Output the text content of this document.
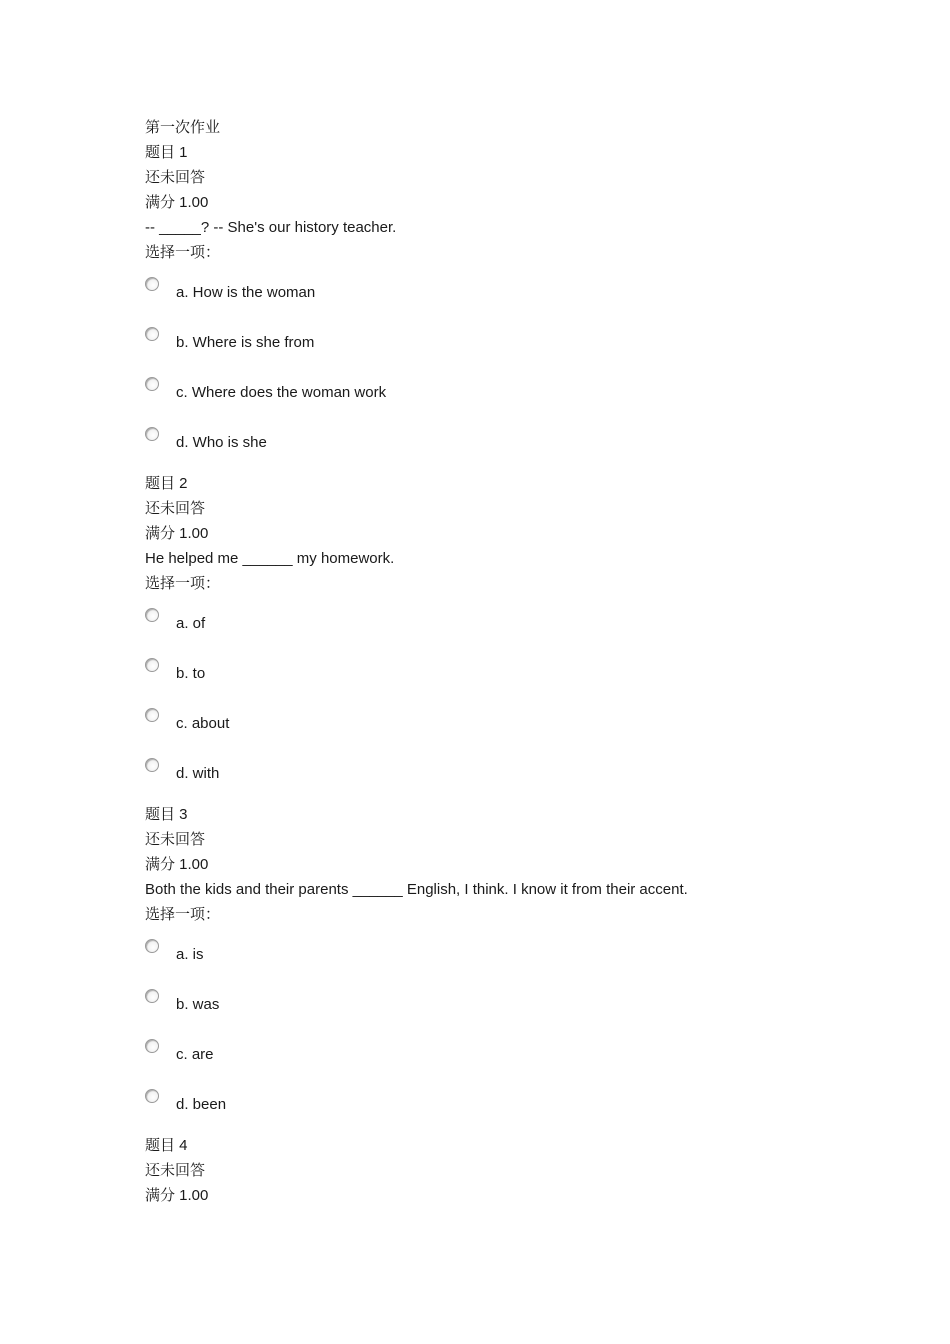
第一次作业
题目 1
还未回答
满分 1.00
-- _____? -- She's our history teacher.
选择一项：
a. How is the woman
b. Where is she from
c. Where does the woman work
d. Who is she
题目 2
还未回答
满分 1.00
He helped me ______ my homework.
选择一项：
a. of
b. to
c. about
d. with
题目 3
还未回答
满分 1.00
Both the kids and their parents ______ English, I think. I know it from their accent.
选择一项：
a. is
b. was
c. are
d. been
题目 4
还未回答
满分 1.00
